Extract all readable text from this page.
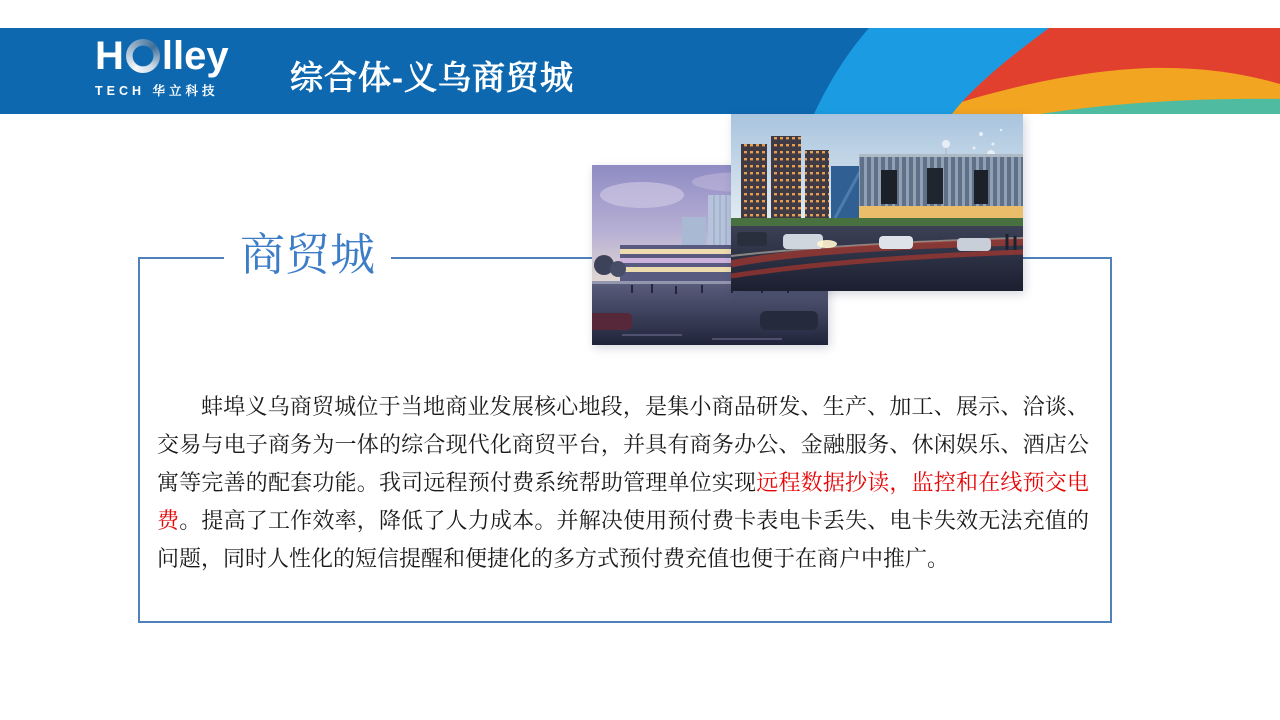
H lley
TECH 华立科技	综合体-义乌商贸城
商贸城

蚌埠义乌商贸城位于当地商业发展核心地段，是集小商品研发、生产、加工、展示、洽谈、交易与电子商务为一体的综合现代化商贸平台，并具有商务办公、金融服务、休闲娱乐、酒店公寓等完善的配套功能。我司远程预付费系统帮助管理单位实现远程数据抄读，监控和在线预交电费。提高了工作效率，降低了人力成本。并解决使用预付费卡表电卡丢失、电卡失效无法充值的问题，同时人性化的短信提醒和便捷化的多方式预付费充值也便于在商户中推广。
